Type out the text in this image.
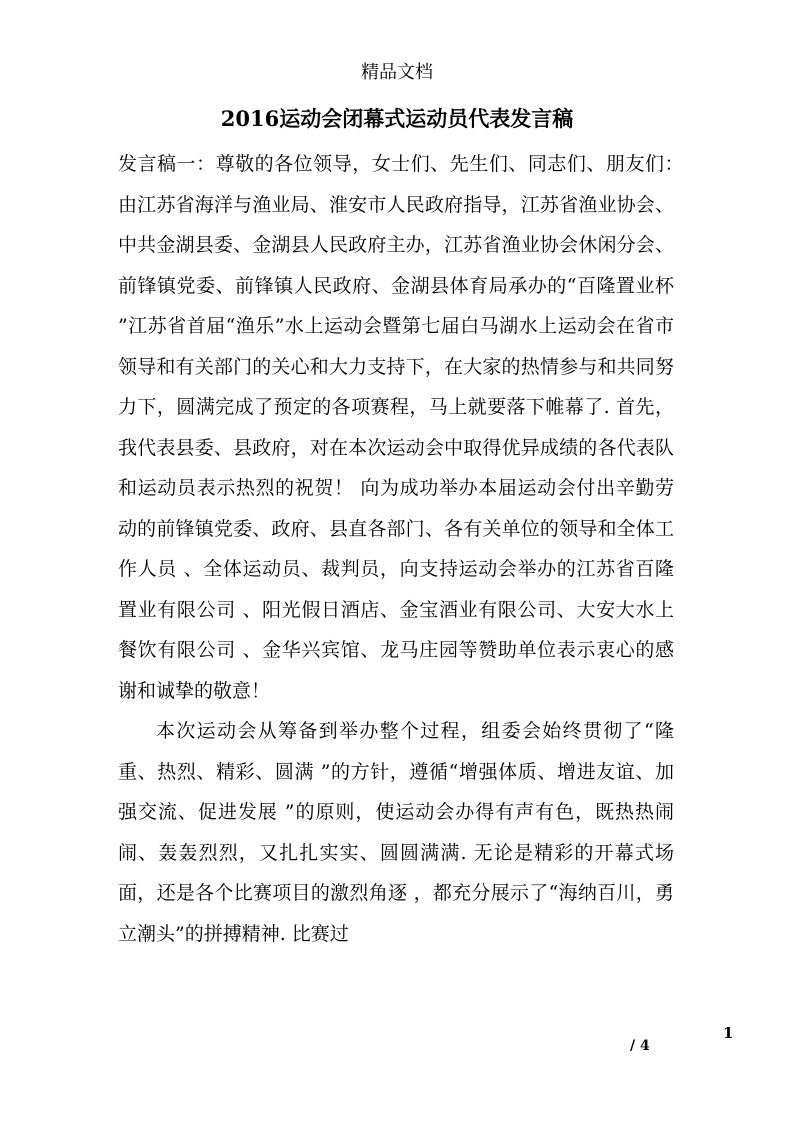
精品文档
2016运动会闭幕式运动员代表发言稿

发言稿一：尊敬的各位领导，女士们、先生们、同志们、朋友们：　　 由江苏省海洋与渔业局、淮安市人民政府指导，江苏省渔业协会、中共金湖县委、金湖县人民政府主办，江苏省渔业协会休闲分会、前锋镇党委、前锋镇人民政府、金湖县体育局承办的“百隆置业杯 ”江苏省首届“渔乐”水上运动会暨第七届白马湖水上运动会在省市领导和有关部门的关心和大力支持下，在大家的热情参与和共同努力下，圆满完成了预定的各项赛程，马上就要落下帷幕了. 首先，我代表县委、县政府，对在本次运动会中取得优异成绩的各代表队和运动员表示热烈的祝贺！ 向为成功举办本届运动会付出辛勤劳动的前锋镇党委、政府、县直各部门、各有关单位的领导和全体工作人员 、全体运动员、裁判员，向支持运动会举办的江苏省百隆置业有限公司 、阳光假日酒店、金宝酒业有限公司、大安大水上餐饮有限公司 、金华兴宾馆、龙马庄园等赞助单位表示衷心的感谢和诚挚的敬意！

本次运动会从筹备到举办整个过程，组委会始终贯彻了“隆重、热烈、精彩、圆满 ”的方针，遵循“增强体质、增进友谊、加强交流、促进发展 ”的原则，使运动会办得有声有色，既热热闹闹、轰轰烈烈，又扎扎实实、圆圆满满. 无论是精彩的开幕式场面，还是各个比赛项目的激烈角逐 ，都充分展示了“海纳百川，勇立潮头”的拼搏精神. 比赛过

1
/ 4
